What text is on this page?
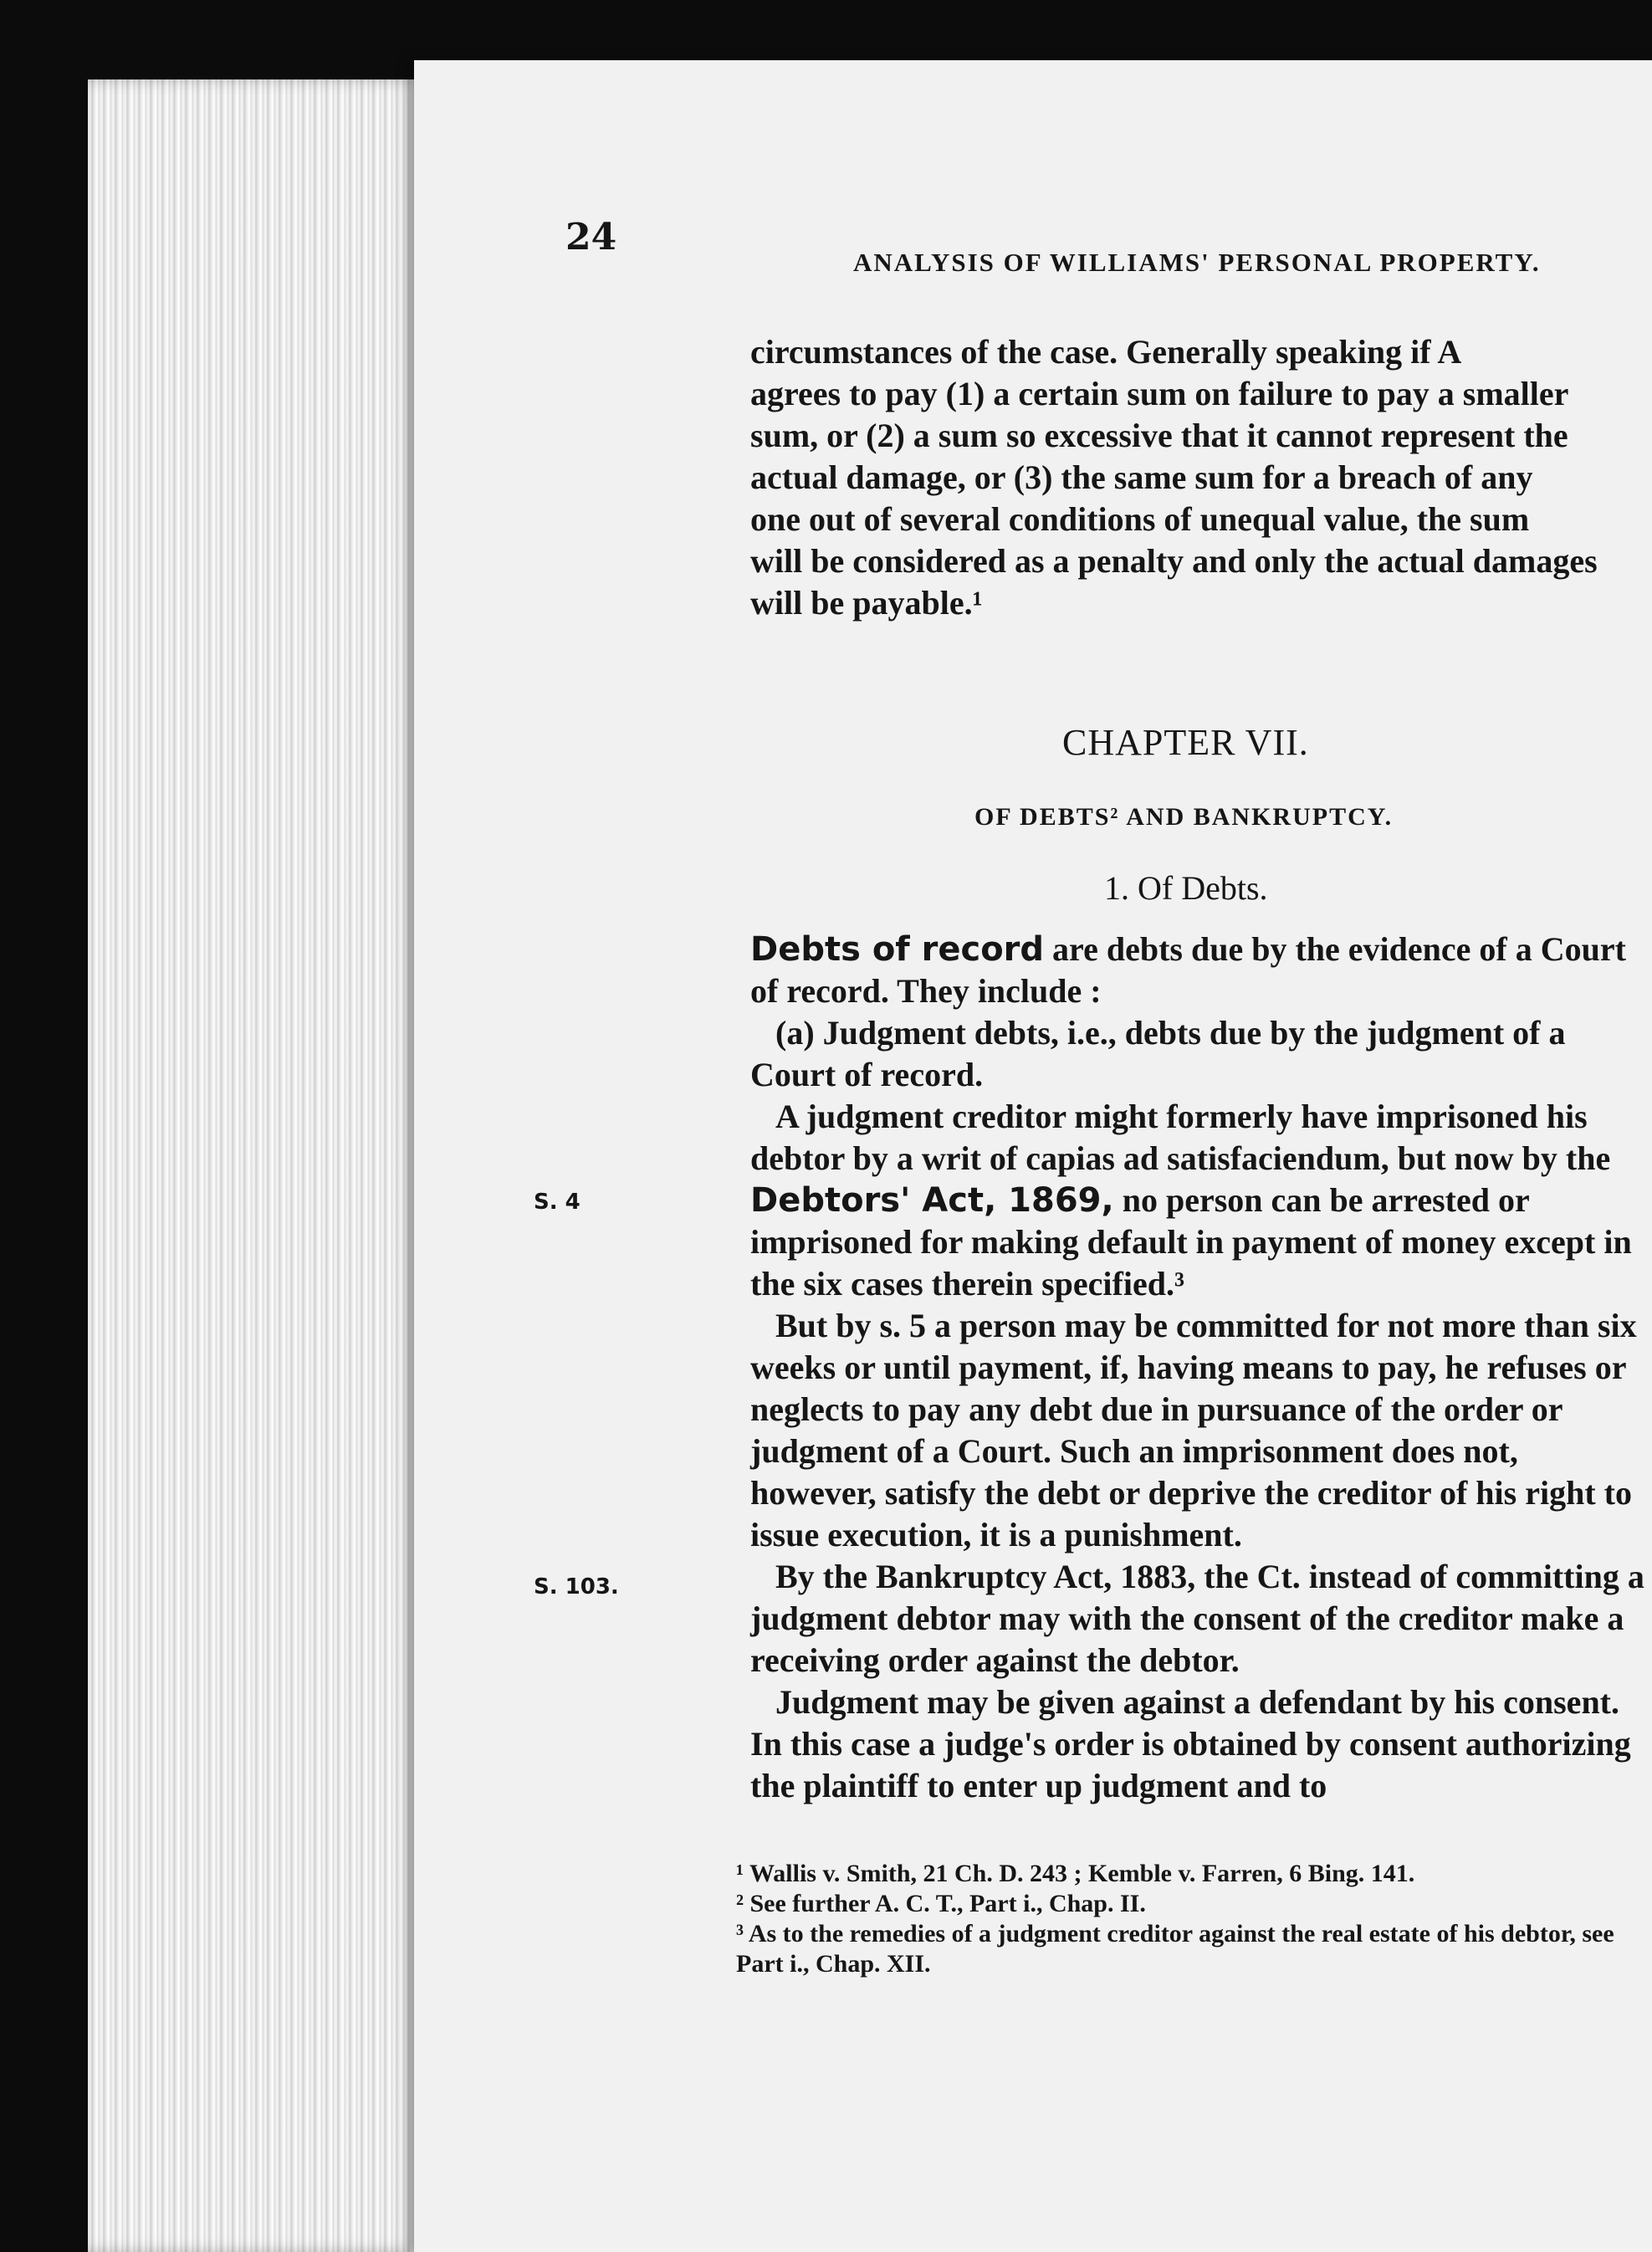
24
ANALYSIS OF WILLIAMS' PERSONAL PROPERTY.
circumstances of the case. Generally speaking if A
agrees to pay (1) a certain sum on failure to pay a smaller
sum, or (2) a sum so excessive that it cannot represent the
actual damage, or (3) the same sum for a breach of any
one out of several conditions of unequal value, the sum
will be considered as a penalty and only the actual damages
will be payable.¹
CHAPTER VII.
OF DEBTS² AND BANKRUPTCY.
1. Of Debts.

Debts of record are debts due by the evidence of a Court of record. They include :

(a) Judgment debts, i.e., debts due by the judgment of a Court of record.

A judgment creditor might formerly have imprisoned his debtor by a writ of capias ad satisfaciendum, but now by the Debtors' Act, 1869, no person can be arrested or imprisoned for making default in payment of money except in the six cases therein specified.³

But by s. 5 a person may be committed for not more than six weeks or until payment, if, having means to pay, he refuses or neglects to pay any debt due in pursuance of the order or judgment of a Court. Such an imprisonment does not, however, satisfy the debt or deprive the creditor of his right to issue execution, it is a punishment.

By the Bankruptcy Act, 1883, the Ct. instead of committing a judgment debtor may with the consent of the creditor make a receiving order against the debtor.

Judgment may be given against a defendant by his consent. In this case a judge's order is obtained by consent authorizing the plaintiff to enter up judgment and to

S. 4
S. 103.
¹ Wallis v. Smith, 21 Ch. D. 243 ; Kemble v. Farren, 6 Bing. 141.
² See further A. C. T., Part i., Chap. II.
³ As to the remedies of a judgment creditor against the real estate of his debtor, see Part i., Chap. XII.
